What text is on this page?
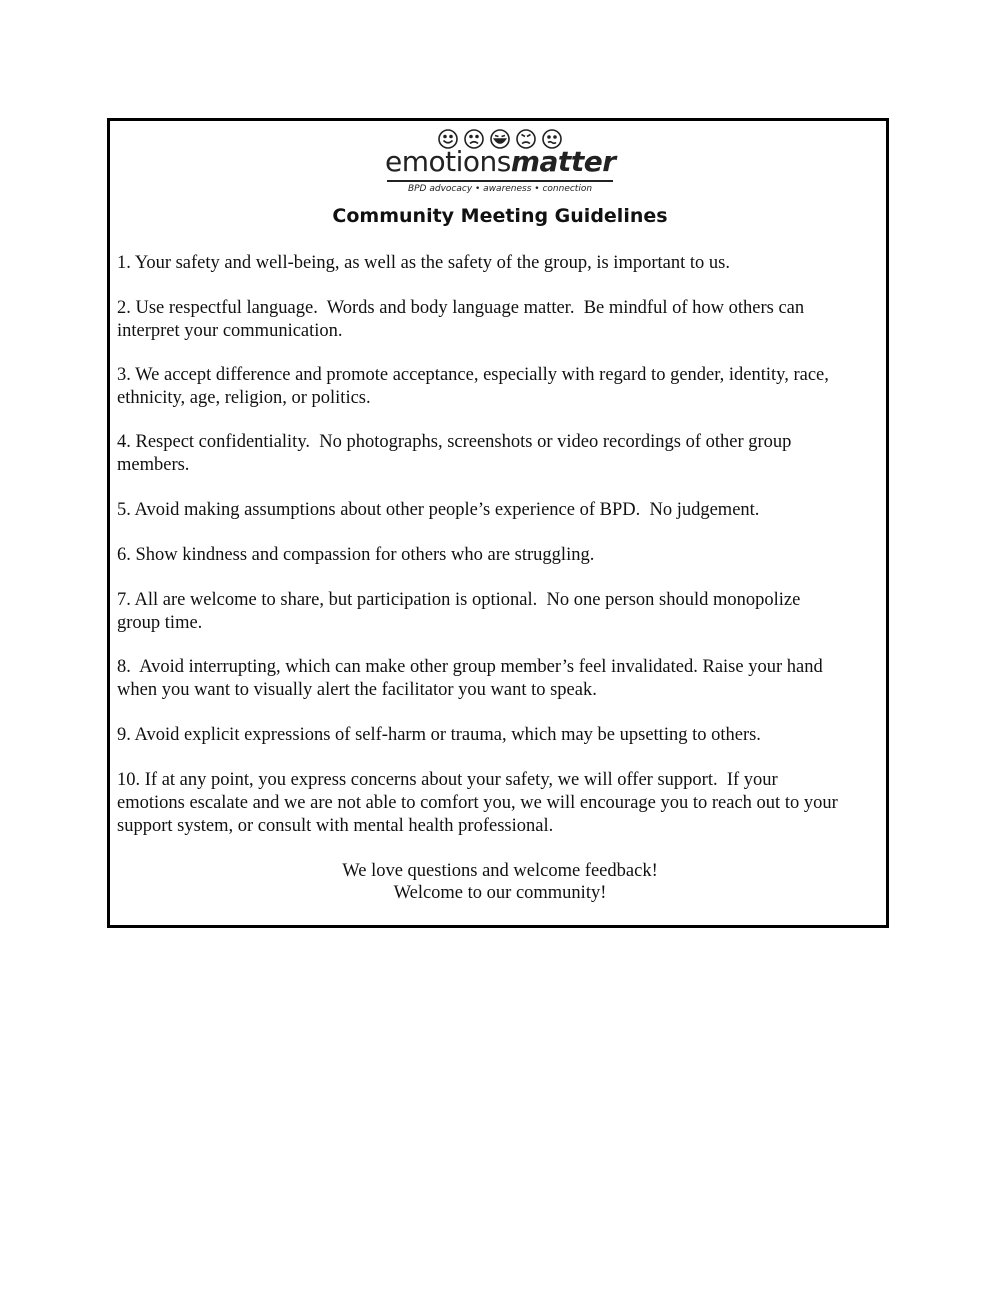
emotionsmatter
BPD advocacy • awareness • connection
Community Meeting Guidelines
1. Your safety and well-being, as well as the safety of the group, is important to us.
2. Use respectful language.  Words and body language matter.  Be mindful of how others can
interpret your communication.
3. We accept difference and promote acceptance, especially with regard to gender, identity, race,
ethnicity, age, religion, or politics.
4. Respect confidentiality.  No photographs, screenshots or video recordings of other group
members.
5. Avoid making assumptions about other people’s experience of BPD.  No judgement.
6. Show kindness and compassion for others who are struggling.
7. All are welcome to share, but participation is optional.  No one person should monopolize
group time.
8.  Avoid interrupting, which can make other group member’s feel invalidated. Raise your hand
when you want to visually alert the facilitator you want to speak.
9. Avoid explicit expressions of self-harm or trauma, which may be upsetting to others.
10. If at any point, you express concerns about your safety, we will offer support.  If your
emotions escalate and we are not able to comfort you, we will encourage you to reach out to your
support system, or consult with mental health professional.
We love questions and welcome feedback!
Welcome to our community!
